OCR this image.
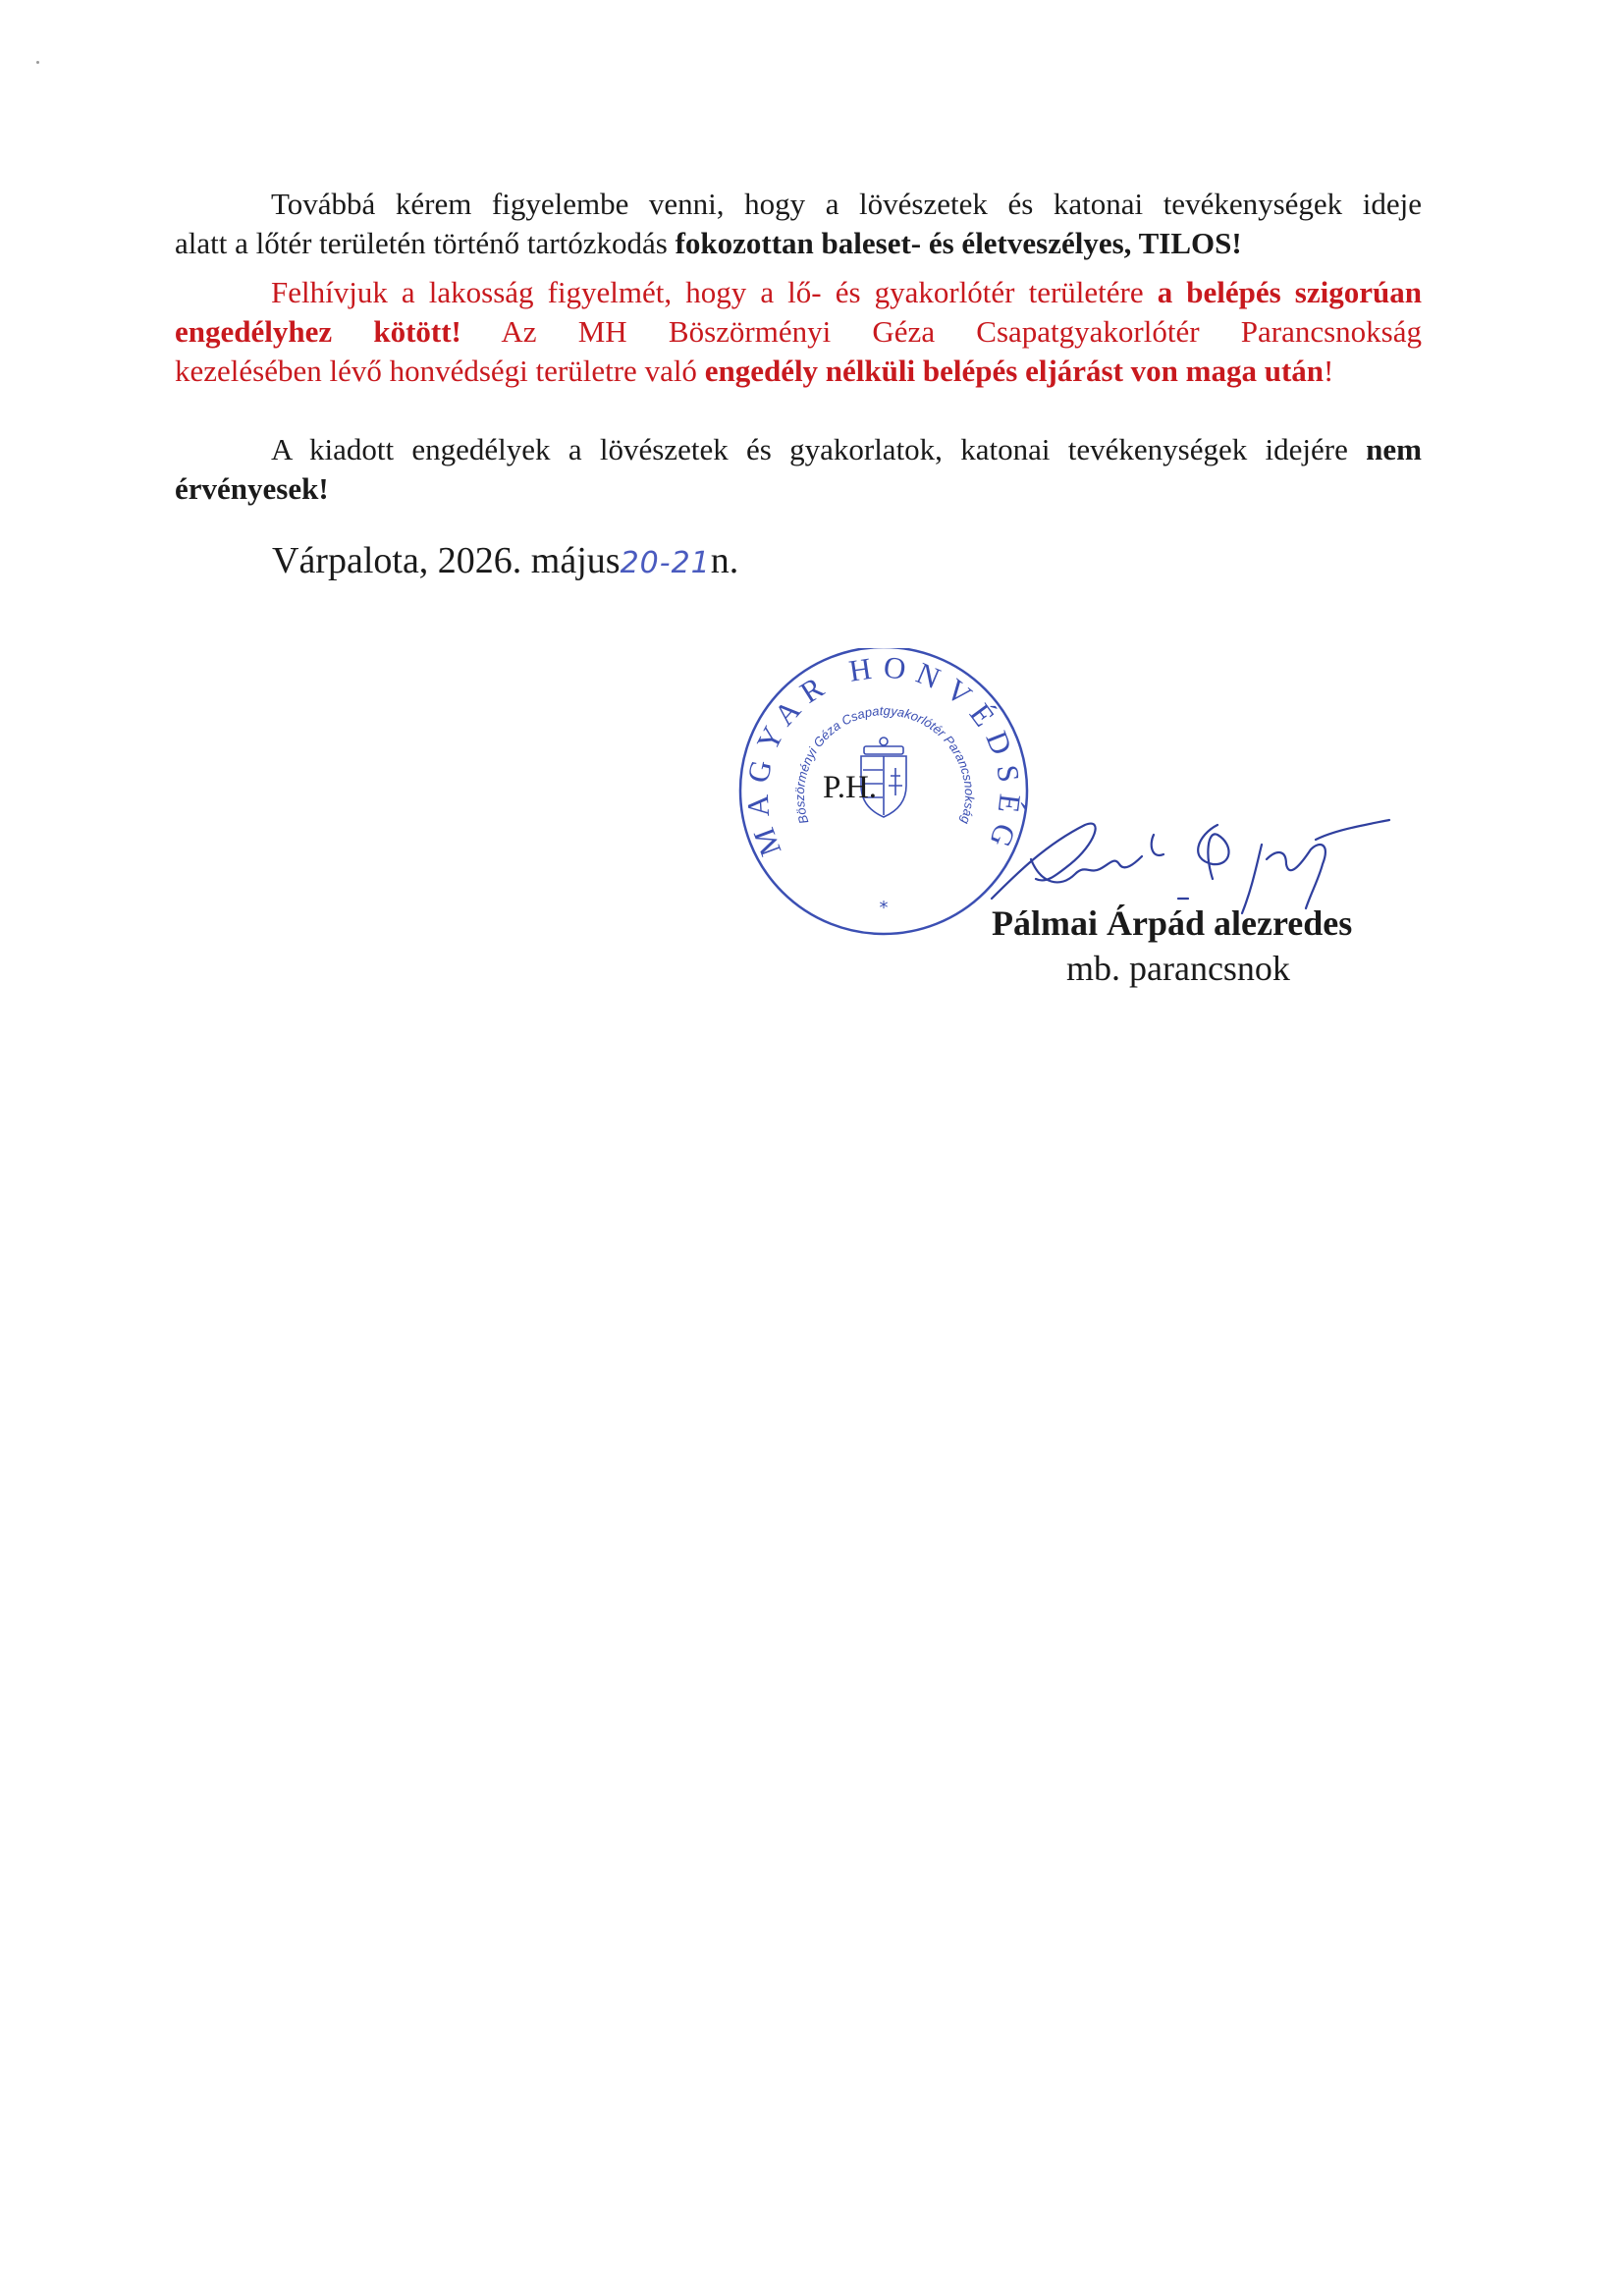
Továbbá kérem figyelembe venni, hogy a lövészetek és katonai tevékenységek ideje
alatt a lőtér területén történő tartózkodás fokozottan baleset- és életveszélyes, TILOS!

Felhívjuk a lakosság figyelmét, hogy a lő- és gyakorlótér területére a belépés szigorúan
engedélyhez kötött! Az MH Böszörményi Géza Csapatgyakorlótér Parancsnokság
kezelésében lévő honvédségi területre való engedély nélküli belépés eljárást von maga után!

A kiadott engedélyek a lövészetek és gyakorlatok, katonai tevékenységek idejére nem
érvényesek!

Várpalota, 2026. május20-21n.
MAGYAR HONVÉDSÉG
Böszörményi Géza Csapatgyakorlótér Parancsnokság
*
P.H.
Pálmai Árpád alezredes
mb. parancsnok
